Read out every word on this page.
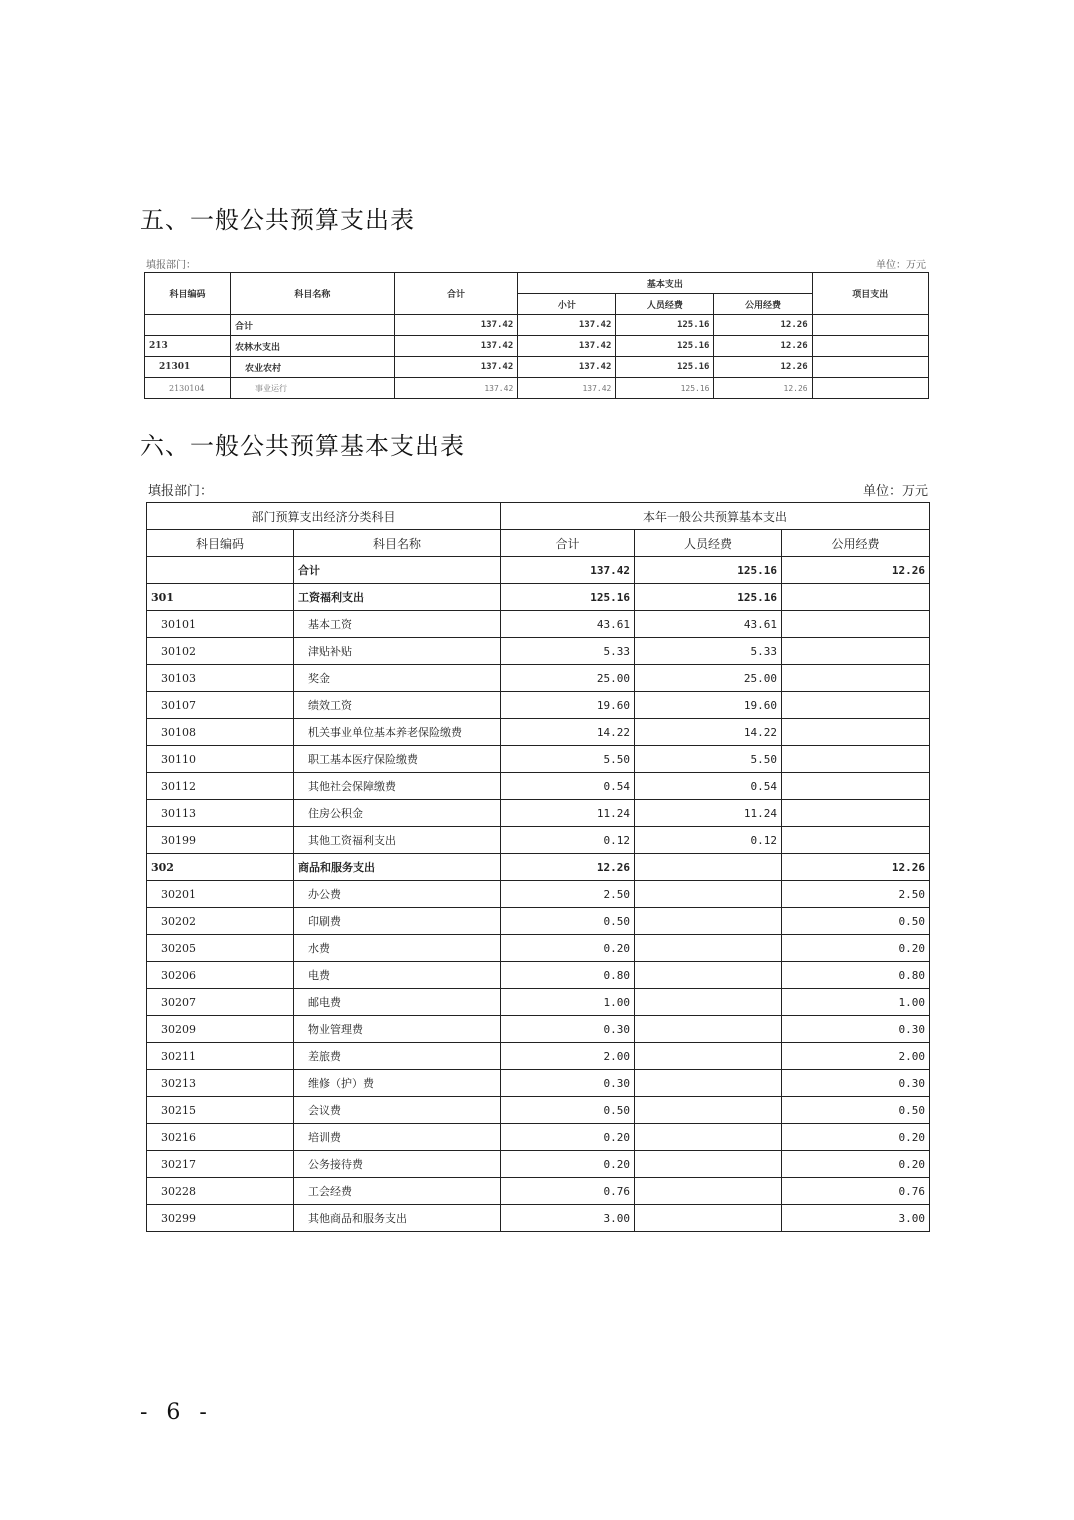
五、一般公共预算支出表
填报部门：	单位：万元
科目编码	科目名称	合计	基本支出			项目支出
			小计	人员经费	公用经费	
	合计	137.42	137.42	125.16	12.26	
213	农林水支出	137.42	137.42	125.16	12.26	
21301	农业农村	137.42	137.42	125.16	12.26	
2130104	事业运行	137.42	137.42	125.16	12.26	
六、一般公共预算基本支出表
填报部门：	单位：万元
部门预算支出经济分类科目		本年一般公共预算基本支出		
科目编码	科目名称	合计	人员经费	公用经费
	合计	137.42	125.16	12.26
301	工资福利支出	125.16	125.16	
30101	基本工资	43.61	43.61	
30102	津贴补贴	5.33	5.33	
30103	奖金	25.00	25.00	
30107	绩效工资	19.60	19.60	
30108	机关事业单位基本养老保险缴费	14.22	14.22	
30110	职工基本医疗保险缴费	5.50	5.50	
30112	其他社会保障缴费	0.54	0.54	
30113	住房公积金	11.24	11.24	
30199	其他工资福利支出	0.12	0.12	
302	商品和服务支出	12.26		12.26
30201	办公费	2.50		2.50
30202	印刷费	0.50		0.50
30205	水费	0.20		0.20
30206	电费	0.80		0.80
30207	邮电费	1.00		1.00
30209	物业管理费	0.30		0.30
30211	差旅费	2.00		2.00
30213	维修（护）费	0.30		0.30
30215	会议费	0.50		0.50
30216	培训费	0.20		0.20
30217	公务接待费	0.20		0.20
30228	工会经费	0.76		0.76
30299	其他商品和服务支出	3.00		3.00
- 6 -
